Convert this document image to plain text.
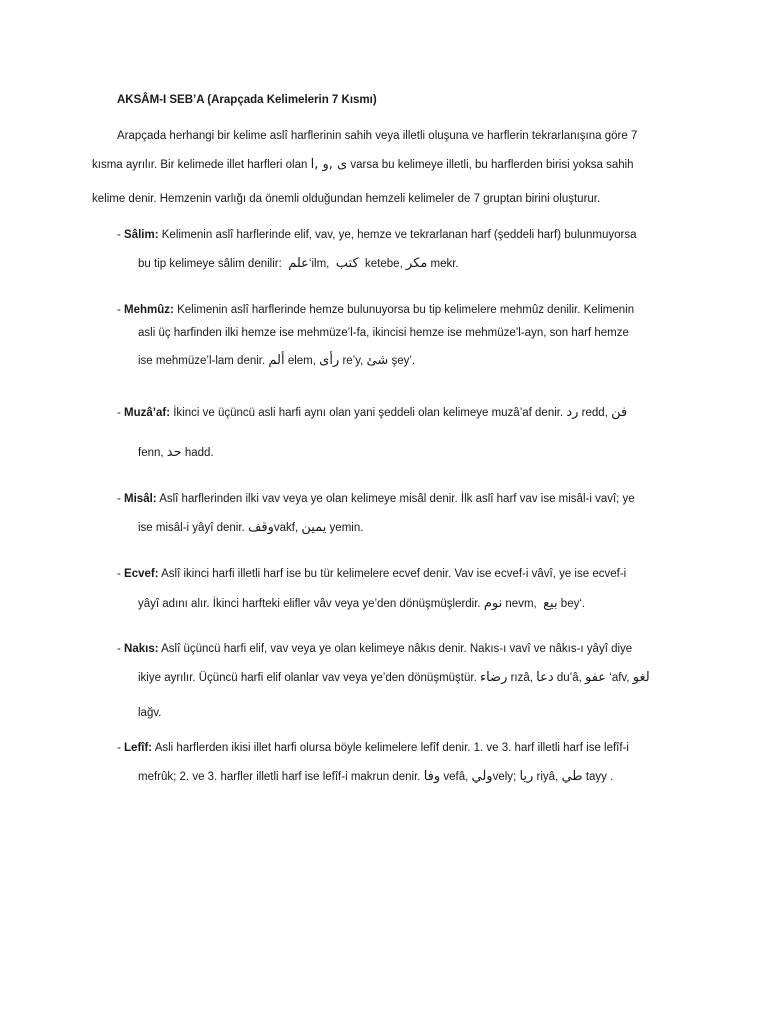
AKSÂM-I SEB’A (Arapçada Kelimelerin 7 Kısmı)
Arapçada herhangi bir kelime aslî harflerinin sahih veya illetli oluşuna ve harflerin tekrarlanışına göre 7
kısma ayrılır. Bir kelimede illet harfleri olan ى ,و ,ا varsa bu kelimeye illetli, bu harflerden birisi yoksa sahih
kelime denir. Hemzenin varlığı da önemli olduğundan hemzeli kelimeler de 7 gruptan birini oluşturur.
- Sâlim: Kelimenin aslî harflerinde elif, vav, ye, hemze ve tekrarlanan harf (şeddeli harf) bulunmuyorsa
bu tip kelimeye sâlim denilir: علم‘ilm, كتب ketebe, مكر mekr.
- Mehmûz: Kelimenin aslî harflerinde hemze bulunuyorsa bu tip kelimelere mehmûz denilir. Kelimenin
asli üç harfinden ilki hemze ise mehmüze’l-fa, ikincisi hemze ise mehmüze’l-ayn, son harf hemze
ise mehmüze’l-lam denir. ألم elem, رأى re’y, شئ şey’.
- Muzâ’af: İkinci ve üçüncü asli harfi aynı olan yani şeddeli olan kelimeye muzâ’af denir. رد redd, فن
fenn, حد hadd.
- Misâl: Aslî harflerinden ilki vav veya ye olan kelimeye misâl denir. İlk aslî harf vav ise misâl-i vavî; ye
ise misâl-i yâyî denir. وقفvakf, يمين yemin.
- Ecvef: Aslî ikinci harfi illetli harf ise bu tür kelimelere ecvef denir. Vav ise ecvef-i vâvî, ye ise ecvef-i
yâyî adını alır. İkinci harfteki elifler vâv veya ye’den dönüşmüşlerdir. نوم nevm, بيع bey‘.
- Nakıs: Aslî üçüncü harfi elif, vav veya ye olan kelimeye nâkıs denir. Nakıs-ı vavî ve nâkıs-ı yâyî diye
ikiye ayrılır. Üçüncü harfi elif olanlar vav veya ye’den dönüşmüştür. رضاء rızâ, دعا du’â, عفو ‘afv, لغو
lağv.
- Lefîf: Asli harflerden ikisi illet harfi olursa böyle kelimelere lefîf denir. 1. ve 3. harf illetli harf ise lefîf-i
mefrûk; 2. ve 3. harfler illetli harf ise lefîf-i makrun denir. وفا vefâ, وليvely; ريا riyâ, طي tayy .
